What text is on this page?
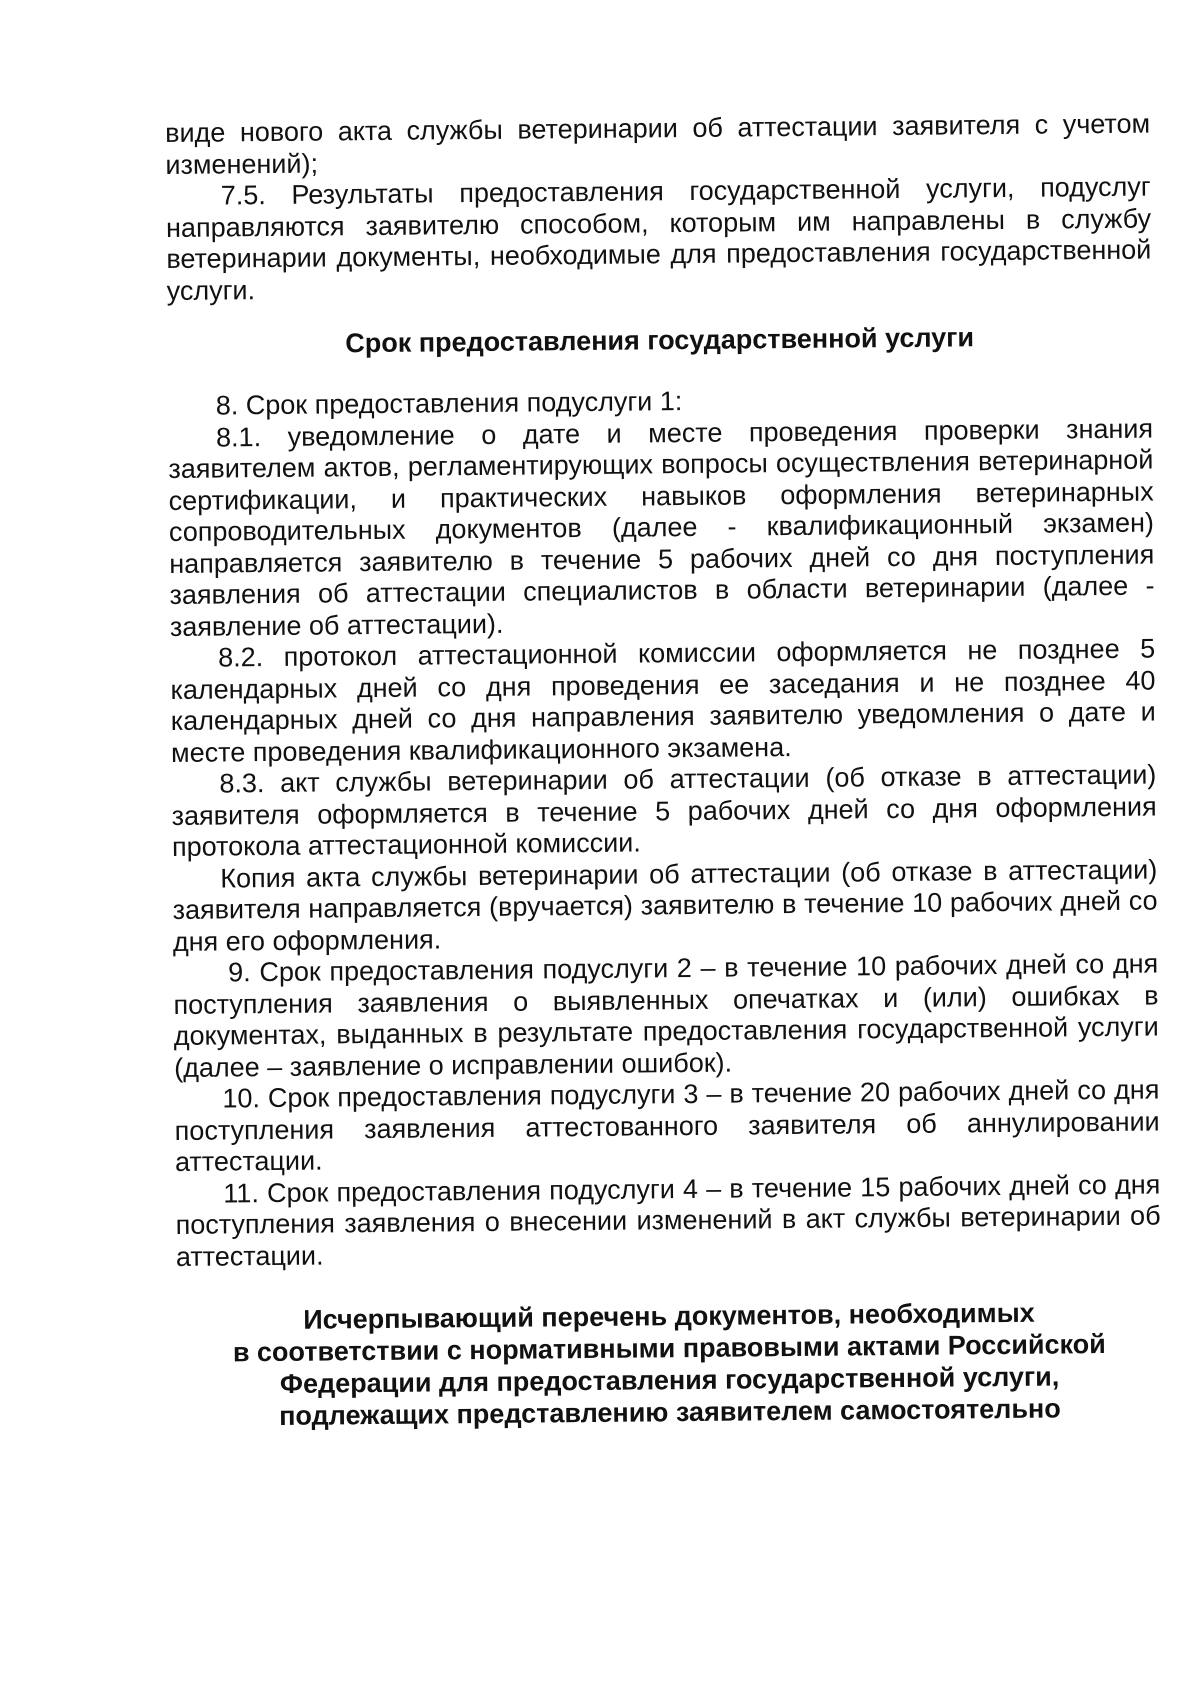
виде нового акта службы ветеринарии об аттестации заявителя с учетом изменений);

7.5. Результаты предоставления государственной услуги, подуслуг направляются заявителю способом, которым им направлены в службу ветеринарии документы, необходимые для предоставления государственной услуги.

Срок предоставления государственной услуги

8. Срок предоставления подуслуги 1:

8.1. уведомление о дате и месте проведения проверки знания заявителем актов, регламентирующих вопросы осуществления ветеринарной сертификации, и практических навыков оформления ветеринарных сопроводительных документов (далее - квалификационный экзамен) направляется заявителю в течение 5 рабочих дней со дня поступления заявления об аттестации специалистов в области ветеринарии (далее - заявление об аттестации).

8.2. протокол аттестационной комиссии оформляется не позднее 5 календарных дней со дня проведения ее заседания и не позднее 40 календарных дней со дня направления заявителю уведомления о дате и месте проведения квалификационного экзамена.

8.3. акт службы ветеринарии об аттестации (об отказе в аттестации) заявителя оформляется в течение 5 рабочих дней со дня оформления протокола аттестационной комиссии.

Копия акта службы ветеринарии об аттестации (об отказе в аттестации) заявителя направляется (вручается) заявителю в течение 10 рабочих дней со дня его оформления.

9. Срок предоставления подуслуги 2 – в течение 10 рабочих дней со дня поступления заявления о выявленных опечатках и (или) ошибках в документах, выданных в результате предоставления государственной услуги (далее – заявление о исправлении ошибок).

10. Срок предоставления подуслуги 3 – в течение 20 рабочих дней со дня поступления заявления аттестованного заявителя об аннулировании аттестации.

11. Срок предоставления подуслуги 4 – в течение 15 рабочих дней со дня поступления заявления о внесении изменений в акт службы ветеринарии об аттестации.

Исчерпывающий перечень документов, необходимых
в соответствии с нормативными правовыми актами Российской
Федерации для предоставления государственной услуги,
подлежащих представлению заявителем самостоятельно
